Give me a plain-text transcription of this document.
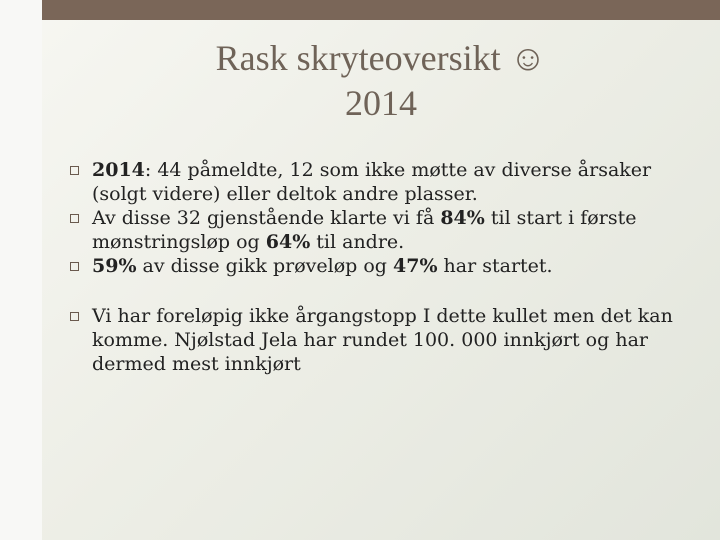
Rask skryteoversikt ☺
2014
2014: 44 påmeldte, 12 som ikke møtte av diverse årsaker (solgt videre) eller deltok andre plasser.
Av disse 32 gjenstående klarte vi få 84% til start i første mønstringsløp og 64% til andre.
59% av disse gikk prøveløp og 47% har startet.
Vi har foreløpig ikke årgangstopp I dette kullet men det kan komme. Njølstad Jela har rundet 100. 000 innkjørt og har dermed mest innkjørt
